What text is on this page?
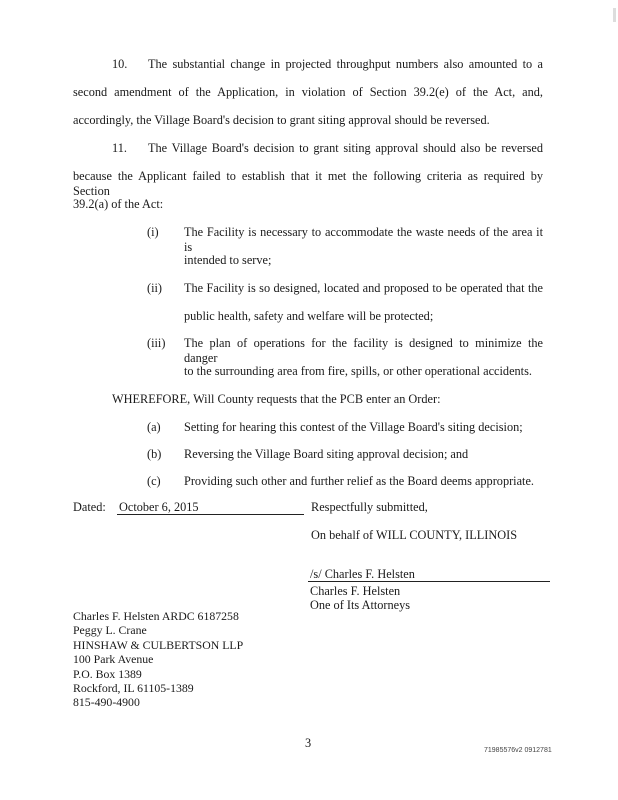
10. The substantial change in projected throughput numbers also amounted to a
second amendment of the Application, in violation of Section 39.2(e) of the Act, and,
accordingly, the Village Board's decision to grant siting approval should be reversed.
11. The Village Board's decision to grant siting approval should also be reversed
because the Applicant failed to establish that it met the following criteria as required by Section
39.2(a) of the Act:
(i) The Facility is necessary to accommodate the waste needs of the area it is
intended to serve;
(ii) The Facility is so designed, located and proposed to be operated that the
public health, safety and welfare will be protected;
(iii) The plan of operations for the facility is designed to minimize the danger
to the surrounding area from fire, spills, or other operational accidents.
WHEREFORE, Will County requests that the PCB enter an Order:
(a) Setting for hearing this contest of the Village Board's siting decision;
(b) Reversing the Village Board siting approval decision; and
(c) Providing such other and further relief as the Board deems appropriate.
Dated: October 6, 2015	Respectfully submitted,
On behalf of WILL COUNTY, ILLINOIS
/s/ Charles F. Helsten
Charles F. Helsten
One of Its Attorneys
Charles F. Helsten ARDC 6187258
Peggy L. Crane
HINSHAW & CULBERTSON LLP
100 Park Avenue
P.O. Box 1389
Rockford, IL 61105-1389
815-490-4900
3
71985576v2 0912781
